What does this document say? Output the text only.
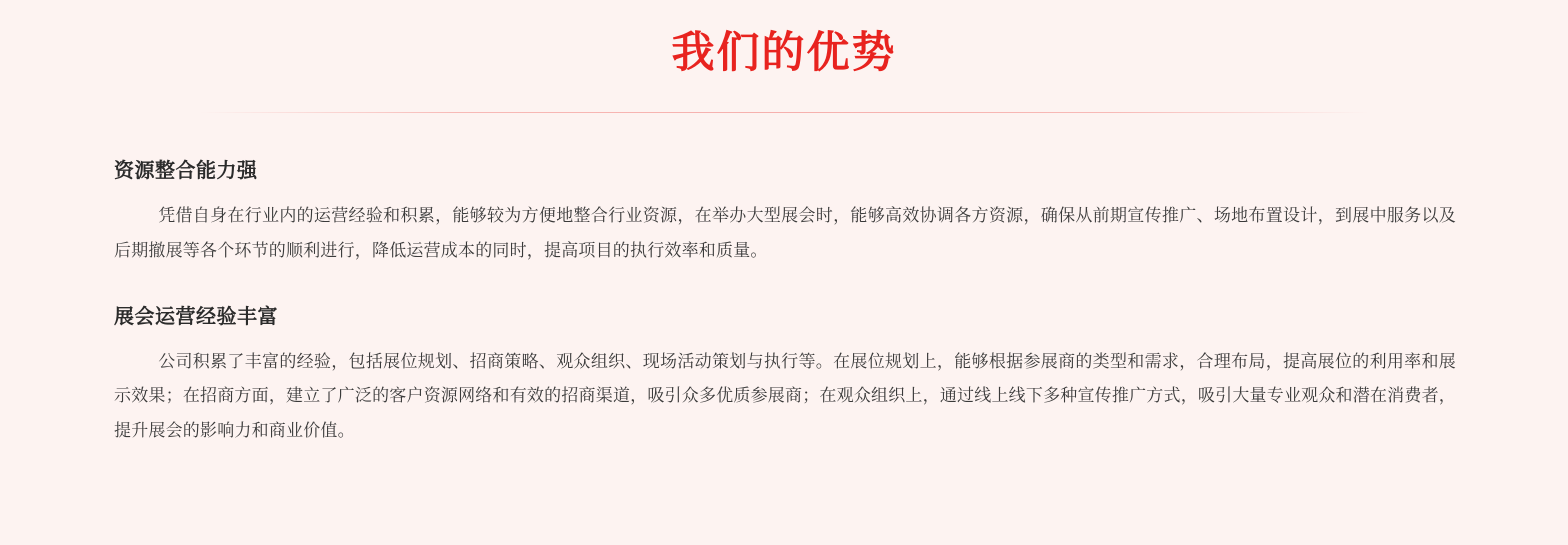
我们的优势
资源整合能力强

凭借自身在行业内的运营经验和积累，能够较为方便地整合行业资源，在举办大型展会时，能够高效协调各方资源，确保从前期宣传推广、场地布置设计，到展中服务以及后期撤展等各个环节的顺利进行，降低运营成本的同时，提高项目的执行效率和质量。

展会运营经验丰富

公司积累了丰富的经验，包括展位规划、招商策略、观众组织、现场活动策划与执行等。在展位规划上，能够根据参展商的类型和需求，合理布局，提高展位的利用率和展示效果；在招商方面，建立了广泛的客户资源网络和有效的招商渠道，吸引众多优质参展商；在观众组织上，通过线上线下多种宣传推广方式，吸引大量专业观众和潜在消费者，提升展会的影响力和商业价值。
